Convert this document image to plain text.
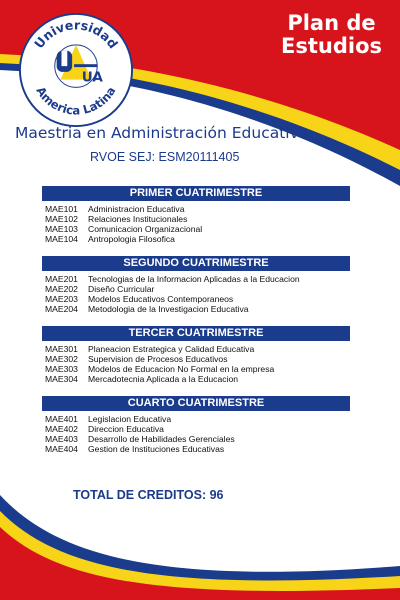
Universidad
America Latina
UA
Plan de
Estudios
Maestria en Administración Educativa
RVOE SEJ: ESM20111405
PRIMER CUATRIMESTRE
MAE101 Administracion Educativa
MAE102 Relaciones Institucionales
MAE103 Comunicacion Organizacional
MAE104 Antropologia Filosofica
SEGUNDO CUATRIMESTRE
MAE201 Tecnologias de la Informacion Aplicadas a la Educacion
MAE202 Diseño Curricular
MAE203 Modelos Educativos Contemporaneos
MAE204 Metodologia de la Investigacion Educativa
TERCER CUATRIMESTRE
MAE301 Planeacion Estrategica y Calidad Educativa
MAE302 Supervision de Procesos Educativos
MAE303 Modelos de Educacion No Formal en la empresa
MAE304 Mercadotecnia Aplicada a la Educacion
CUARTO CUATRIMESTRE
MAE401 Legislacion Educativa
MAE402 Direccion Educativa
MAE403 Desarrollo de Habilidades Gerenciales
MAE404 Gestion de Instituciones Educativas
TOTAL DE CREDITOS: 96
